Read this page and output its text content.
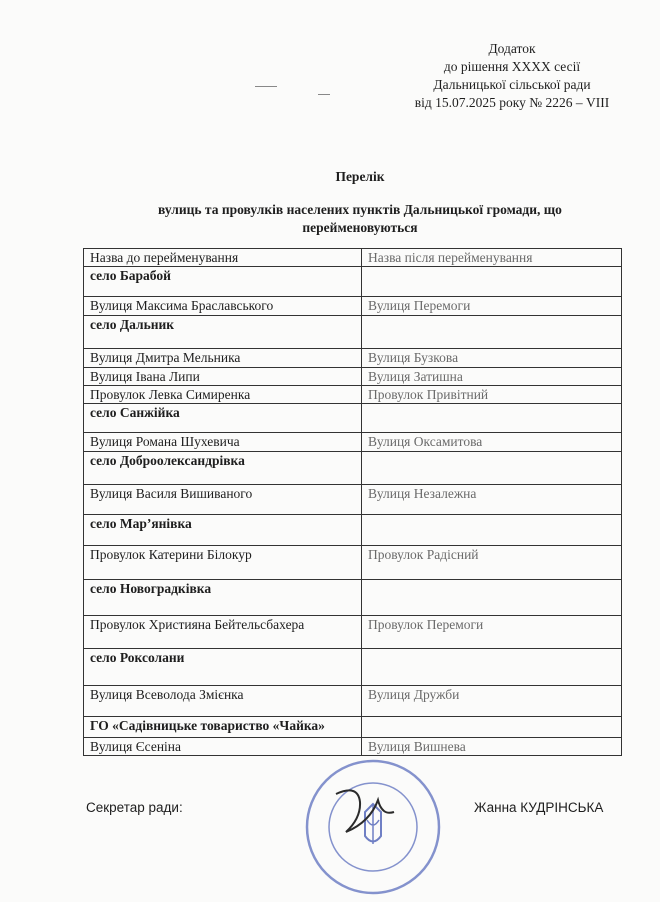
Додаток
до рішення ХХХХ сесії
Дальницької сільської ради
від 15.07.2025 року № 2226 – VIII
Перелік
вулиць та провулків населених пунктів Дальницької громади, що
перейменовуються
Назва до перейменування	Назва після перейменування
село Барабой	
Вулиця Максима Браславського	Вулиця Перемоги
село Дальник	
Вулиця Дмитра Мельника	Вулиця Бузкова
Вулиця Івана Липи	Вулиця Затишна
Провулок Левка Симиренка	Провулок Привітний
село Санжійка	
Вулиця Романа Шухевича	Вулиця Оксамитова
село Доброолександрівка	
Вулиця Василя Вишиваного	Вулиця Незалежна
село Мар’янівка	
Провулок Катерини Білокур	Провулок Радісний
село Новоградківка	
Провулок Християна Бейтельсбахера	Провулок Перемоги
село Роксолани	
Вулиця Всеволода Змієнка	Вулиця Дружби
ГО «Садівницьке товариство «Чайка»	
Вулиця Єсеніна	Вулиця Вишнева
Секретар ради:	Жанна КУДРІНСЬКА
